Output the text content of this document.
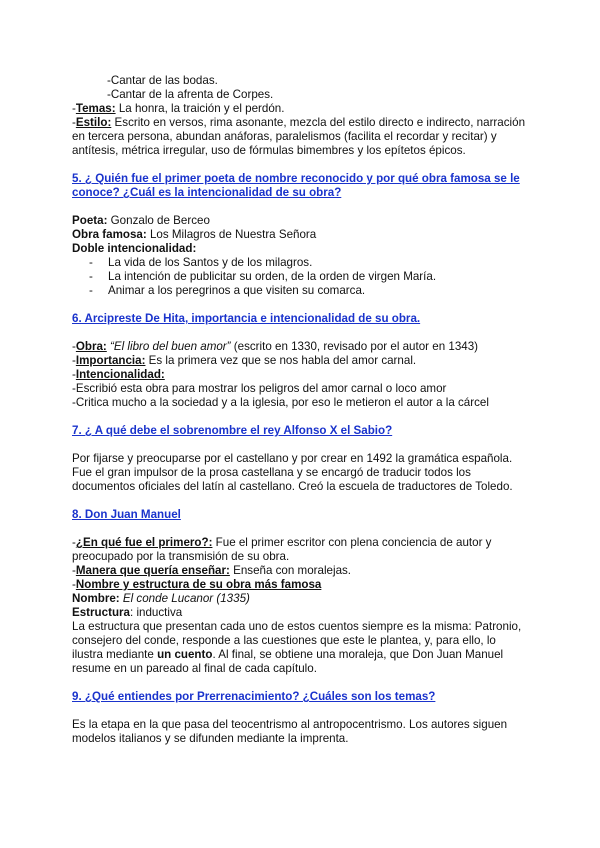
-Cantar de las bodas.
-Cantar de la afrenta de Corpes.
-Temas: La honra, la traición y el perdón.
-Estilo: Escrito en versos, rima asonante, mezcla del estilo directo e indirecto, narración en tercera persona, abundan anáforas, paralelismos (facilita el recordar y recitar) y antítesis, métrica irregular, uso de fórmulas bimembres y los epítetos épicos.
5. ¿ Quién fue el primer poeta de nombre reconocido y por qué obra famosa se le conoce? ¿Cuál es la intencionalidad de su obra?
Poeta: Gonzalo de Berceo
Obra famosa: Los Milagros de Nuestra Señora
Doble intencionalidad:
- La vida de los Santos y de los milagros.
- La intención de publicitar su orden, de la orden de virgen María.
- Animar a los peregrinos a que visiten su comarca.
6. Arcipreste De Hita, importancia e intencionalidad de su obra.
-Obra: “El libro del buen amor” (escrito en 1330, revisado por el autor en 1343)
-Importancia: Es la primera vez que se nos habla del amor carnal.
-Intencionalidad:
-Escribió esta obra para mostrar los peligros del amor carnal o loco amor
-Critica mucho a la sociedad y a la iglesia, por eso le metieron el autor a la cárcel
7. ¿ A qué debe el sobrenombre el rey Alfonso X el Sabio?
Por fijarse y preocuparse por el castellano y por crear en 1492 la gramática española. Fue el gran impulsor de la prosa castellana y se encargó de traducir todos los documentos oficiales del latín al castellano. Creó la escuela de traductores de Toledo.
8. Don Juan Manuel
-¿En qué fue el primero?: Fue el primer escritor con plena conciencia de autor y preocupado por la transmisión de su obra.
-Manera que quería enseñar: Enseña con moralejas.
-Nombre y estructura de su obra más famosa
Nombre: El conde Lucanor (1335)
Estructura: inductiva
La estructura que presentan cada uno de estos cuentos siempre es la misma: Patronio, consejero del conde, responde a las cuestiones que este le plantea, y, para ello, lo ilustra mediante un cuento. Al final, se obtiene una moraleja, que Don Juan Manuel resume en un pareado al final de cada capítulo.
9. ¿Qué entiendes por Prerrenacimiento? ¿Cuáles son los temas?
Es la etapa en la que pasa del teocentrismo al antropocentrismo. Los autores siguen modelos italianos y se difunden mediante la imprenta.
